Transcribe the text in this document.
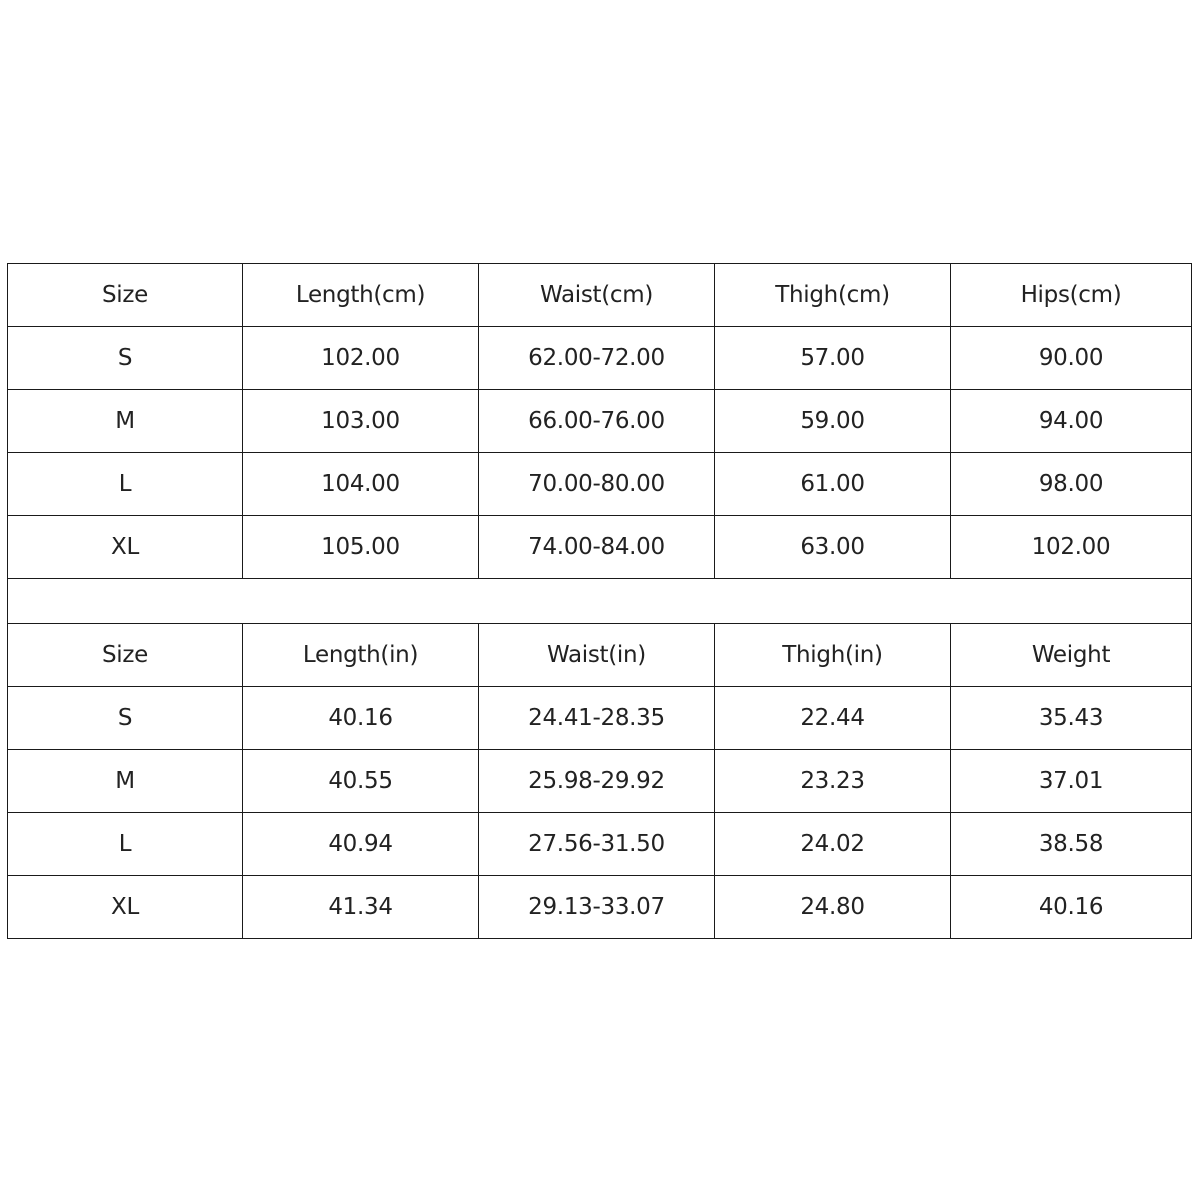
Size	Length(cm)	Waist(cm)	Thigh(cm)	Hips(cm)
S	102.00	62.00-72.00	57.00	90.00
M	103.00	66.00-76.00	59.00	94.00
L	104.00	70.00-80.00	61.00	98.00
XL	105.00	74.00-84.00	63.00	102.00

Size	Length(in)	Waist(in)	Thigh(in)	Weight
S	40.16	24.41-28.35	22.44	35.43
M	40.55	25.98-29.92	23.23	37.01
L	40.94	27.56-31.50	24.02	38.58
XL	41.34	29.13-33.07	24.80	40.16
